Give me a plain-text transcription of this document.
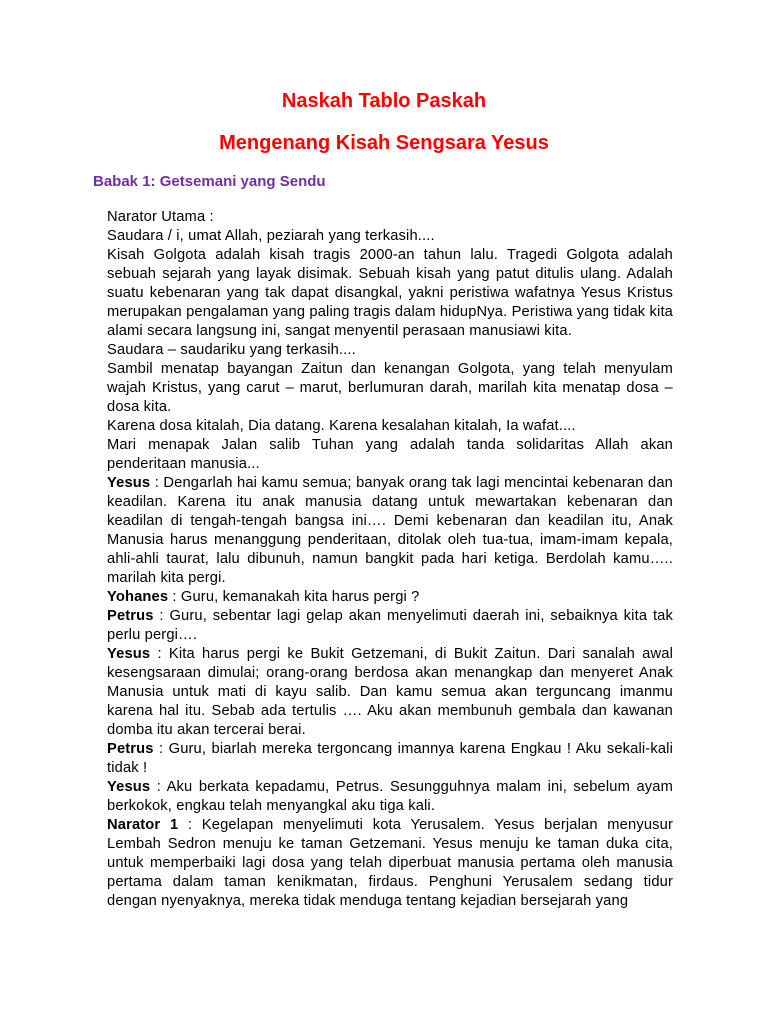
Naskah Tablo Paskah
Mengenang Kisah Sengsara Yesus
Babak 1: Getsemani yang Sendu

Narator Utama :

Saudara / i, umat Allah, peziarah yang terkasih....

Kisah Golgota adalah kisah tragis 2000-an tahun lalu. Tragedi Golgota adalah sebuah sejarah yang layak disimak. Sebuah kisah yang patut ditulis ulang. Adalah suatu kebenaran yang tak dapat disangkal, yakni peristiwa wafatnya Yesus Kristus merupakan pengalaman yang paling tragis dalam hidupNya. Peristiwa yang tidak kita alami secara langsung ini, sangat menyentil perasaan manusiawi kita.

Saudara – saudariku yang terkasih....

Sambil menatap bayangan Zaitun dan kenangan Golgota, yang telah menyulam wajah Kristus, yang carut – marut, berlumuran darah, marilah kita menatap dosa – dosa kita.

Karena dosa kitalah, Dia datang. Karena kesalahan kitalah, Ia wafat....

Mari menapak Jalan salib Tuhan yang adalah tanda solidaritas Allah akan penderitaan manusia...

Yesus : Dengarlah hai kamu semua; banyak orang tak lagi mencintai kebenaran dan keadilan. Karena itu anak manusia datang untuk mewartakan kebenaran dan keadilan di tengah-tengah bangsa ini…. Demi kebenaran dan keadilan itu, Anak Manusia harus menanggung penderitaan, ditolak oleh tua-tua, imam-imam kepala, ahli-ahli taurat, lalu dibunuh, namun bangkit pada hari ketiga. Berdolah kamu….. marilah kita pergi.

Yohanes : Guru, kemanakah kita harus pergi ?

Petrus : Guru, sebentar lagi gelap akan menyelimuti daerah ini, sebaiknya kita tak perlu pergi….

Yesus : Kita harus pergi ke Bukit Getzemani, di Bukit Zaitun. Dari sanalah awal kesengsaraan dimulai; orang-orang berdosa akan menangkap dan menyeret Anak Manusia untuk mati di kayu salib. Dan kamu semua akan terguncang imanmu karena hal itu. Sebab ada tertulis …. Aku akan membunuh gembala dan kawanan domba itu akan tercerai berai.

Petrus : Guru, biarlah mereka tergoncang imannya karena Engkau ! Aku sekali-kali tidak !

Yesus : Aku berkata kepadamu, Petrus. Sesungguhnya malam ini, sebelum ayam berkokok, engkau telah menyangkal aku tiga kali.

Narator 1 : Kegelapan menyelimuti kota Yerusalem. Yesus berjalan menyusur Lembah Sedron menuju ke taman Getzemani. Yesus menuju ke taman duka cita, untuk memperbaiki lagi dosa yang telah diperbuat manusia pertama oleh manusia pertama dalam taman kenikmatan, firdaus. Penghuni Yerusalem sedang tidur dengan nyenyaknya, mereka tidak menduga tentang kejadian bersejarah yang
